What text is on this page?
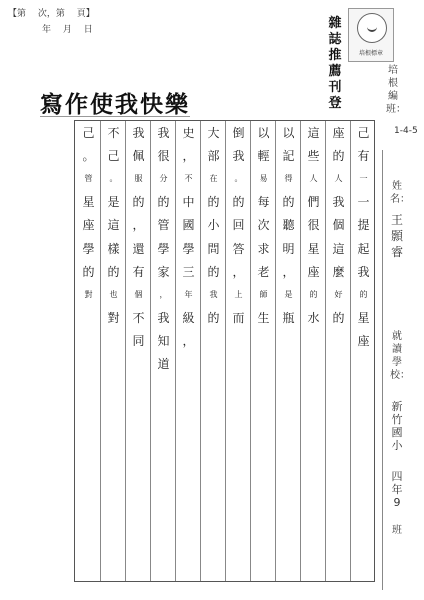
【第　 次，第　 頁】
年　 月　 日	雜誌推薦刊登
培根標章
寫作使我快樂
1-4-5
培根編班：
姓名：
王顥睿
就讀學校：
新竹國小
四年9
班
己
有
一
一
提
起
我
的
星
座
座
的
人
我
個
這
麼
好
的
這
些
人
們
很
星
座
的
水
以
記
得
的
聽
明
，
是
瓶
以
輕
易
每
次
求
老
師
生
倒
我
。
的
回
答
，
上
而
大
部
在
的
小
問
的
我
的
史
，
不
中
國
學
三
年
級
，
我
很
分
的
管
學
家
，
我
知
道
我
佩
服
的
，
還
有
個
不
同
不
己
。
是
這
樣
的
也
對
己
。
管
星
座
學
的
對
